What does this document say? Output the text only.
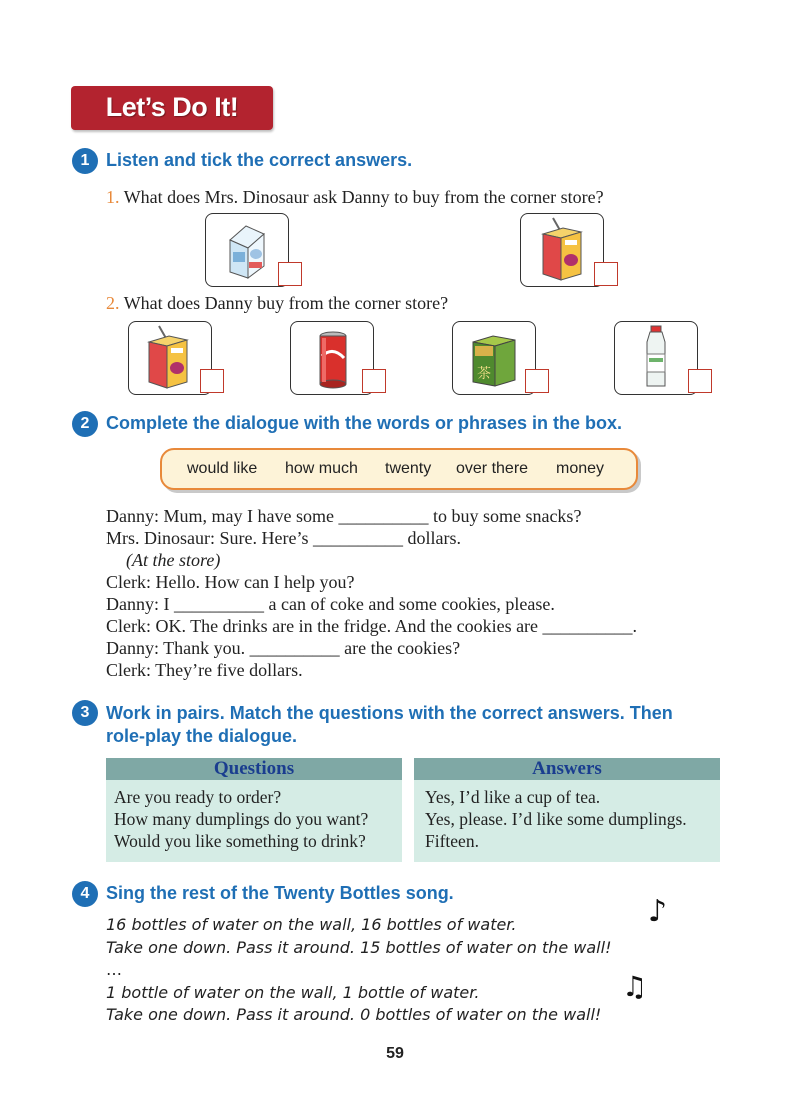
Let’s Do It!
1 Listen and tick the correct answers.
1. What does Mrs. Dinosaur ask Danny to buy from the corner store?
2. What does Danny buy from the corner store?
茶
2 Complete the dialogue with the words or phrases in the box.
would like how much twenty over there money
Danny: Mum, may I have some __________ to buy some snacks?
Mrs. Dinosaur: Sure. Here’s __________ dollars.
(At the store)
Clerk: Hello. How can I help you?
Danny: I __________ a can of coke and some cookies, please.
Clerk: OK. The drinks are in the fridge. And the cookies are __________.
Danny: Thank you. __________ are the cookies?
Clerk: They’re five dollars.
3 Work in pairs. Match the questions with the correct answers. Then
role-play the dialogue.
Questions
Are you ready to order?
How many dumplings do you want?
Would you like something to drink?
Answers
Yes, I’d like a cup of tea.
Yes, please. I’d like some dumplings.
Fifteen.
4 Sing the rest of the Twenty Bottles song.
16 bottles of water on the wall, 16 bottles of water.
Take one down. Pass it around. 15 bottles of water on the wall!
…
1 bottle of water on the wall, 1 bottle of water.
Take one down. Pass it around. 0 bottles of water on the wall!
♪
♫
59
